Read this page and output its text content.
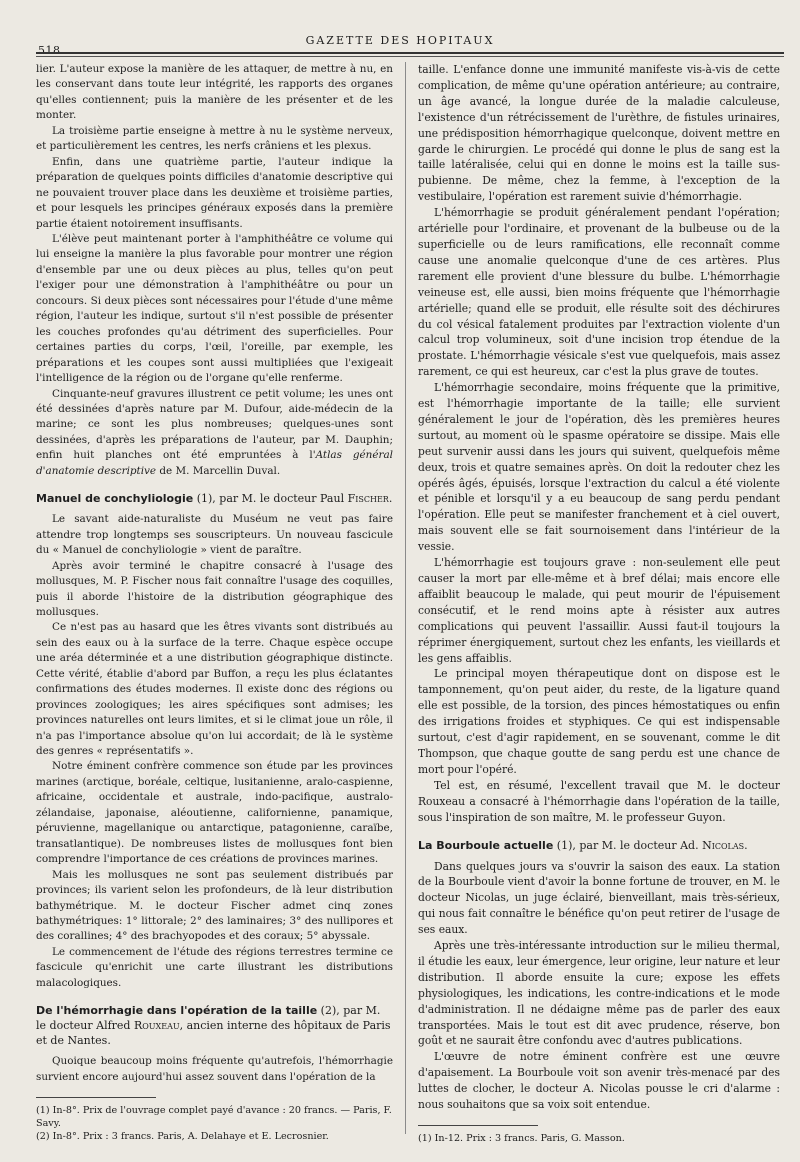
518
GAZETTE DES HOPITAUX

lier. L'auteur expose la manière de les attaquer, de mettre à nu, en les conservant dans toute leur intégrité, les rapports des organes qu'elles contiennent; puis la manière de les présenter et de les monter.

La troisième partie enseigne à mettre à nu le système nerveux, et particulièrement les centres, les nerfs crâniens et les plexus.

Enfin, dans une quatrième partie, l'auteur indique la préparation de quelques points difficiles d'anatomie descriptive qui ne pouvaient trouver place dans les deuxième et troisième parties, et pour lesquels les principes généraux exposés dans la première partie étaient notoirement insuffisants.

L'élève peut maintenant porter à l'amphithéâtre ce volume qui lui enseigne la manière la plus favorable pour montrer une région d'ensemble par une ou deux pièces au plus, telles qu'on peut l'exiger pour une démonstration à l'amphithéâtre ou pour un concours. Si deux pièces sont nécessaires pour l'étude d'une même région, l'auteur les indique, surtout s'il n'est possible de présenter les couches profondes qu'au détriment des superficielles. Pour certaines parties du corps, l'œil, l'oreille, par exemple, les préparations et les coupes sont aussi multipliées que l'exigeait l'intelligence de la région ou de l'organe qu'elle renferme.

Cinquante-neuf gravures illustrent ce petit volume; les unes ont été dessinées d'après nature par M. Dufour, aide-médecin de la marine; ce sont les plus nombreuses; quelques-unes sont dessinées, d'après les préparations de l'auteur, par M. Dauphin; enfin huit planches ont été empruntées à l'Atlas général d'anatomie descriptive de M. Marcellin Duval.

Manuel de conchyliologie (1), par M. le docteur Paul Fischer.

Le savant aide-naturaliste du Muséum ne veut pas faire attendre trop longtemps ses souscripteurs. Un nouveau fascicule du « Manuel de conchyliologie » vient de paraître.

Après avoir terminé le chapitre consacré à l'usage des mollusques, M. P. Fischer nous fait connaître l'usage des coquilles, puis il aborde l'histoire de la distribution géographique des mollusques.

Ce n'est pas au hasard que les êtres vivants sont distribués au sein des eaux ou à la surface de la terre. Chaque espèce occupe une aréa déterminée et a une distribution géographique distincte. Cette vérité, établie d'abord par Buffon, a reçu les plus éclatantes confirmations des études modernes. Il existe donc des régions ou provinces zoologiques; les aires spécifiques sont admises; les provinces naturelles ont leurs limites, et si le climat joue un rôle, il n'a pas l'importance absolue qu'on lui accordait; de là le système des genres « représentatifs ».

Notre éminent confrère commence son étude par les provinces marines (arctique, boréale, celtique, lusitanienne, aralo-caspienne, africaine, occidentale et australe, indo-pacifique, australo-zélandaise, japonaise, aléoutienne, californienne, panamique, péruvienne, magellanique ou antarctique, patagonienne, caraïbe, transatlantique). De nombreuses listes de mollusques font bien comprendre l'importance de ces créations de provinces marines.

Mais les mollusques ne sont pas seulement distribués par provinces; ils varient selon les profondeurs, de là leur distribution bathymétrique. M. le docteur Fischer admet cinq zones bathymétriques: 1° littorale; 2° des laminaires; 3° des nullipores et des corallines; 4° des brachyopodes et des coraux; 5° abyssale.

Le commencement de l'étude des régions terrestres termine ce fascicule qu'enrichit une carte illustrant les distributions malacologiques.

De l'hémorrhagie dans l'opération de la taille (2), par M. le docteur Alfred Rouxeau, ancien interne des hôpitaux de Paris et de Nantes.

Quoique beaucoup moins fréquente qu'autrefois, l'hémorrhagie survient encore aujourd'hui assez souvent dans l'opération de la

(1) In-8°. Prix de l'ouvrage complet payé d'avance : 20 francs. — Paris, F. Savy.

(2) In-8°. Prix : 3 francs. Paris, A. Delahaye et E. Lecrosnier.

taille. L'enfance donne une immunité manifeste vis-à-vis de cette complication, de même qu'une opération antérieure; au contraire, un âge avancé, la longue durée de la maladie calculeuse, l'existence d'un rétrécissement de l'urèthre, de fistules urinaires, une prédisposition hémorrhagique quelconque, doivent mettre en garde le chirurgien. Le procédé qui donne le plus de sang est la taille latéralisée, celui qui en donne le moins est la taille sus-pubienne. De même, chez la femme, à l'exception de la vestibulaire, l'opération est rarement suivie d'hémorrhagie.

L'hémorrhagie se produit généralement pendant l'opération; artérielle pour l'ordinaire, et provenant de la bulbeuse ou de la superficielle ou de leurs ramifications, elle reconnaît comme cause une anomalie quelconque d'une de ces artères. Plus rarement elle provient d'une blessure du bulbe. L'hémorrhagie veineuse est, elle aussi, bien moins fréquente que l'hémorrhagie artérielle; quand elle se produit, elle résulte soit des déchirures du col vésical fatalement produites par l'extraction violente d'un calcul trop volumineux, soit d'une incision trop étendue de la prostate. L'hémorrhagie vésicale s'est vue quelquefois, mais assez rarement, ce qui est heureux, car c'est la plus grave de toutes.

L'hémorrhagie secondaire, moins fréquente que la primitive, est l'hémorrhagie importante de la taille; elle survient généralement le jour de l'opération, dès les premières heures surtout, au moment où le spasme opératoire se dissipe. Mais elle peut survenir aussi dans les jours qui suivent, quelquefois même deux, trois et quatre semaines après. On doit la redouter chez les opérés âgés, épuisés, lorsque l'extraction du calcul a été violente et pénible et lorsqu'il y a eu beaucoup de sang perdu pendant l'opération. Elle peut se manifester franchement et à ciel ouvert, mais souvent elle se fait sournoisement dans l'intérieur de la vessie.

L'hémorrhagie est toujours grave : non-seulement elle peut causer la mort par elle-même et à bref délai; mais encore elle affaiblit beaucoup le malade, qui peut mourir de l'épuisement consécutif, et le rend moins apte à résister aux autres complications qui peuvent l'assaillir. Aussi faut-il toujours la réprimer énergiquement, surtout chez les enfants, les vieillards et les gens affaiblis.

Le principal moyen thérapeutique dont on dispose est le tamponnement, qu'on peut aider, du reste, de la ligature quand elle est possible, de la torsion, des pinces hémostatiques ou enfin des irrigations froides et styphiques. Ce qui est indispensable surtout, c'est d'agir rapidement, en se souvenant, comme le dit Thompson, que chaque goutte de sang perdu est une chance de mort pour l'opéré.

Tel est, en résumé, l'excellent travail que M. le docteur Rouxeau a consacré à l'hémorrhagie dans l'opération de la taille, sous l'inspiration de son maître, M. le professeur Guyon.

La Bourboule actuelle (1), par M. le docteur Ad. Nicolas.

Dans quelques jours va s'ouvrir la saison des eaux. La station de la Bourboule vient d'avoir la bonne fortune de trouver, en M. le docteur Nicolas, un juge éclairé, bienveillant, mais très-sérieux, qui nous fait connaître le bénéfice qu'on peut retirer de l'usage de ses eaux.

Après une très-intéressante introduction sur le milieu thermal, il étudie les eaux, leur émergence, leur origine, leur nature et leur distribution. Il aborde ensuite la cure; expose les effets physiologiques, les indications, les contre-indications et le mode d'administration. Il ne dédaigne même pas de parler des eaux transportées. Mais le tout est dit avec prudence, réserve, bon goût et ne saurait être confondu avec d'autres publications.

L'œuvre de notre éminent confrère est une œuvre d'apaisement. La Bourboule voit son avenir très-menacé par des luttes de clocher, le docteur A. Nicolas pousse le cri d'alarme : nous souhaitons que sa voix soit entendue.

(1) In-12. Prix : 3 francs. Paris, G. Masson.
